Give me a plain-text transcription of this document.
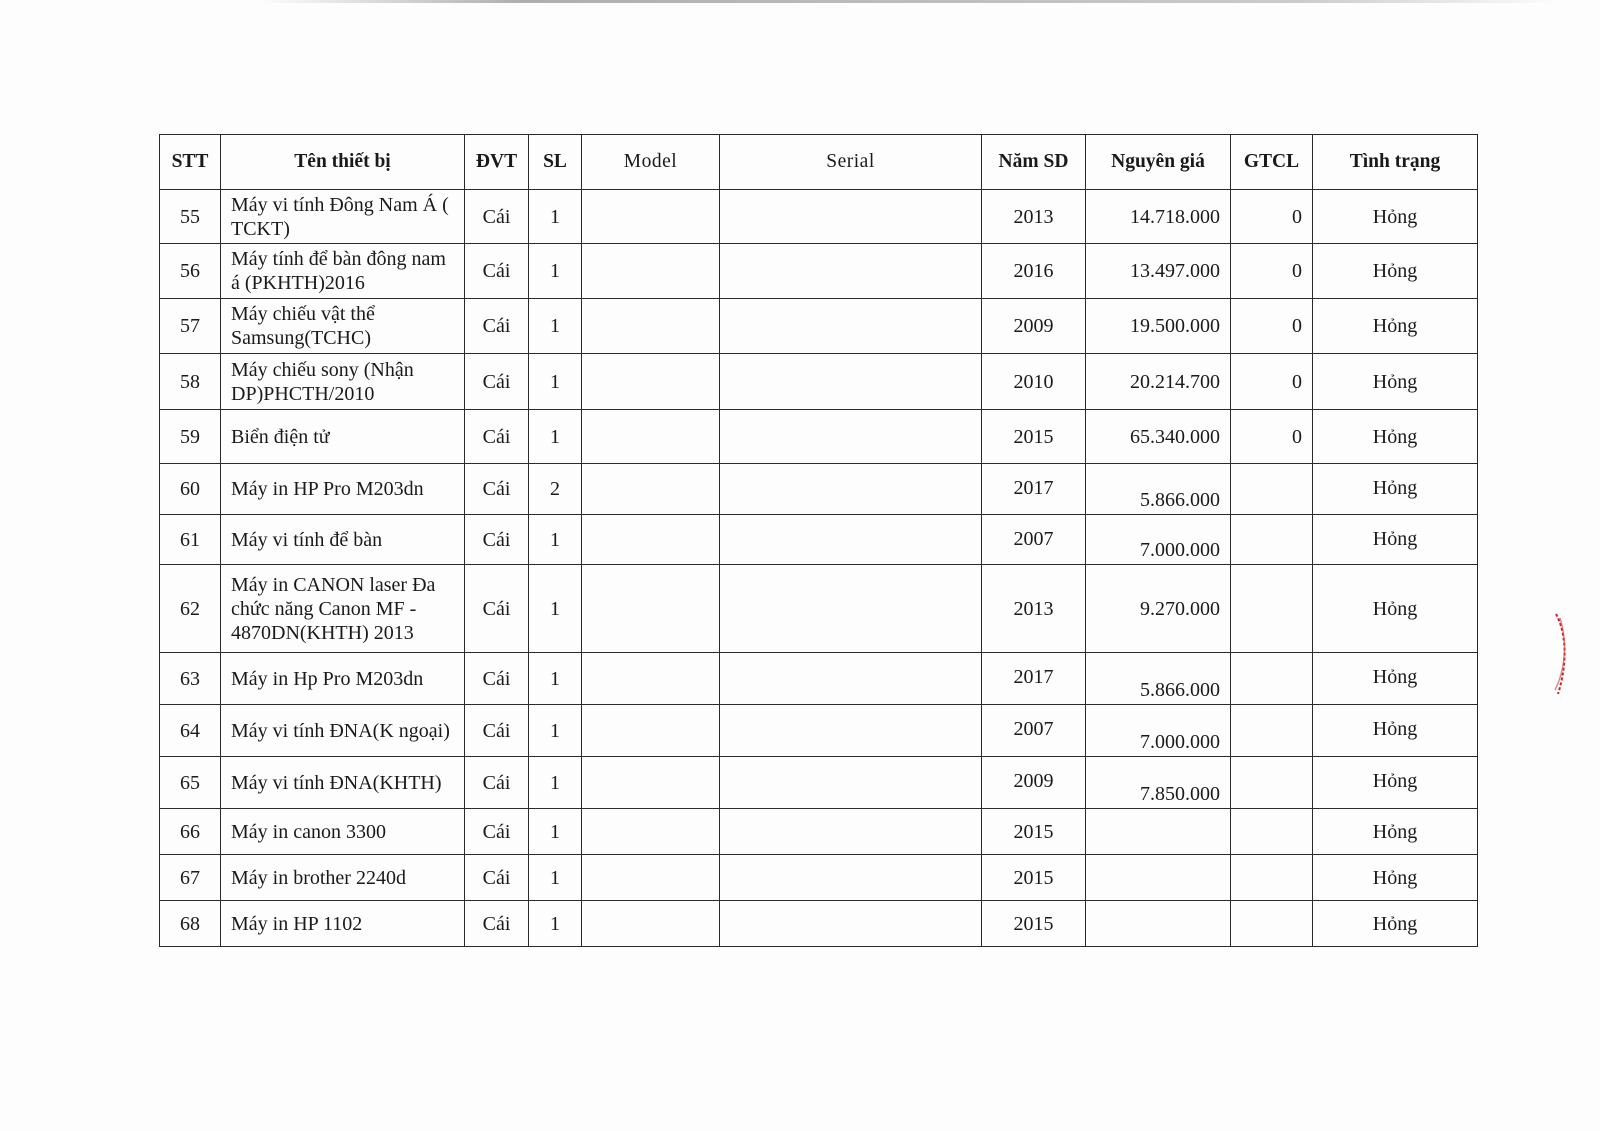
STT	Tên thiết bị	ĐVT	SL	Model	Serial	Năm SD	Nguyên giá	GTCL	Tình trạng
55	Máy vi tính Đông Nam Á ( TCKT)	Cái	1			2013	14.718.000	0	Hỏng
56	Máy tính để bàn đông nam á (PKHTH)2016	Cái	1			2016	13.497.000	0	Hỏng
57	Máy chiếu vật thể Samsung(TCHC)	Cái	1			2009	19.500.000	0	Hỏng
58	Máy chiếu sony (Nhận DP)PHCTH/2010	Cái	1			2010	20.214.700	0	Hỏng
59	Biển điện tử	Cái	1			2015	65.340.000	0	Hỏng
60	Máy in HP Pro M203dn	Cái	2			2017	5.866.000		Hỏng
61	Máy vi tính để bàn	Cái	1			2007	7.000.000		Hỏng
62	Máy in CANON laser Đa chức năng Canon MF - 4870DN(KHTH) 2013	Cái	1			2013	9.270.000		Hỏng
63	Máy in Hp Pro M203dn	Cái	1			2017	5.866.000		Hỏng
64	Máy vi tính ĐNA(K ngoại)	Cái	1			2007	7.000.000		Hỏng
65	Máy vi tính ĐNA(KHTH)	Cái	1			2009	7.850.000		Hỏng
66	Máy in canon 3300	Cái	1			2015			Hỏng
67	Máy in brother 2240d	Cái	1			2015			Hỏng
68	Máy in HP 1102	Cái	1			2015			Hỏng
